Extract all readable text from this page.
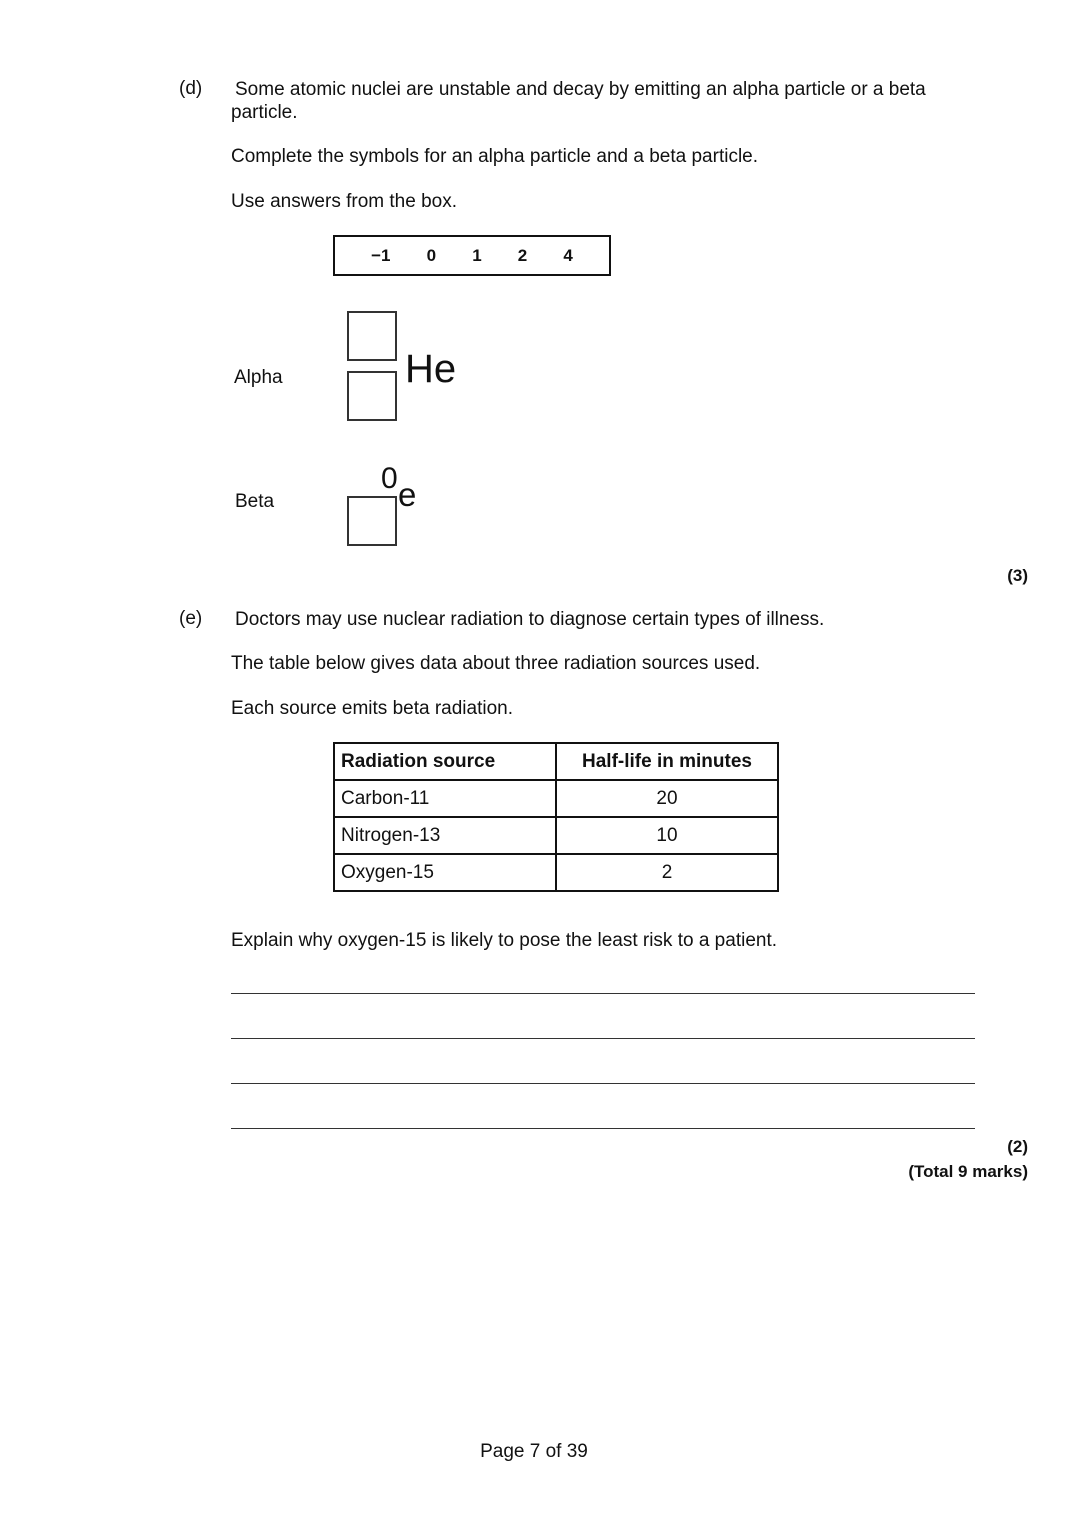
(d) Some atomic nuclei are unstable and decay by emitting an alpha particle or a beta
particle.
Complete the symbols for an alpha particle and a beta particle.
Use answers from the box.
−1 0 1 2 4
Alpha	He
Beta
0 e
(3)
(e) Doctors may use nuclear radiation to diagnose certain types of illness.
The table below gives data about three radiation sources used.
Each source emits beta radiation.
Radiation source	Half-life in minutes
Carbon-11	20
Nitrogen-13	10
Oxygen-15	2
Explain why oxygen-15 is likely to pose the least risk to a patient.
(2)
(Total 9 marks)
Page 7 of 39
